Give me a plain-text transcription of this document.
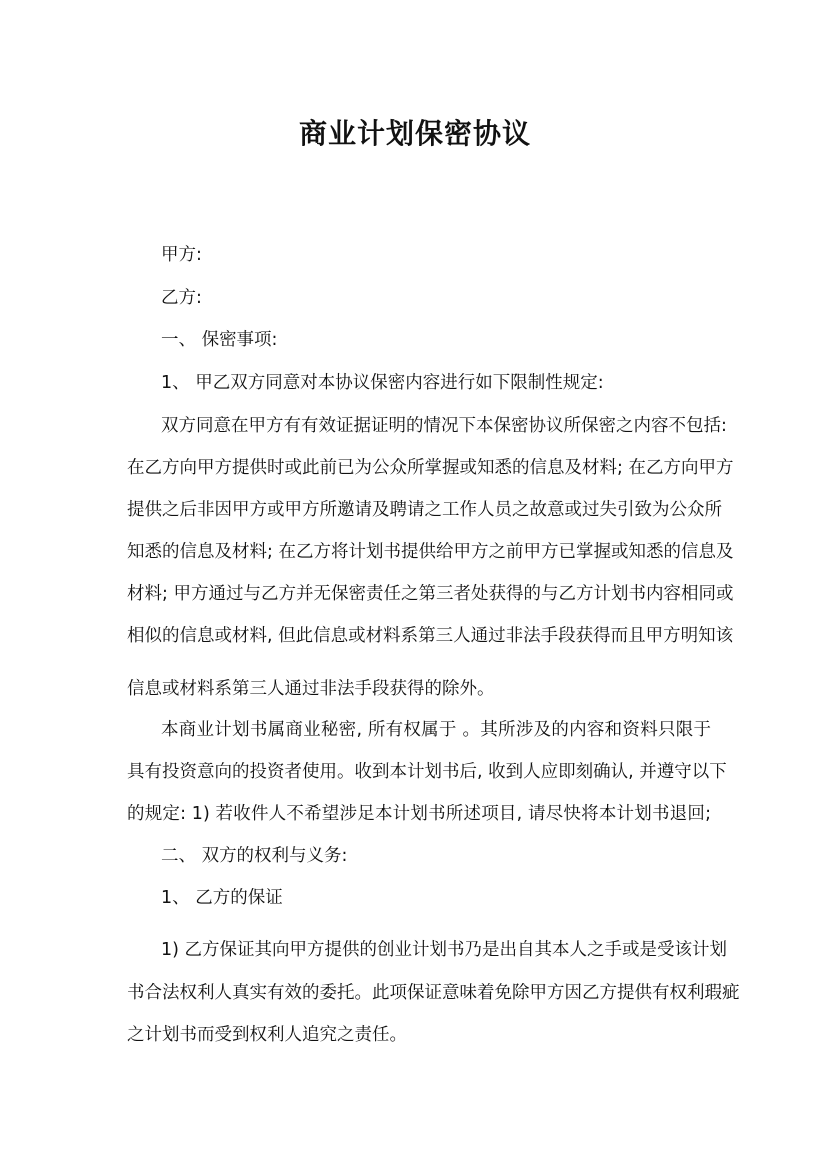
商业计划保密协议
甲方:
乙方:
一、 保密事项:
1、 甲乙双方同意对本协议保密内容进行如下限制性规定:
双方同意在甲方有有效证据证明的情况下本保密协议所保密之内容不包括:
在乙方向甲方提供时或此前已为公众所掌握或知悉的信息及材料; 在乙方向甲方
提供之后非因甲方或甲方所邀请及聘请之工作人员之故意或过失引致为公众所
知悉的信息及材料; 在乙方将计划书提供给甲方之前甲方已掌握或知悉的信息及
材料; 甲方通过与乙方并无保密责任之第三者处获得的与乙方计划书内容相同或
相似的信息或材料, 但此信息或材料系第三人通过非法手段获得而且甲方明知该
信息或材料系第三人通过非法手段获得的除外。
本商业计划书属商业秘密, 所有权属于 。其所涉及的内容和资料只限于
具有投资意向的投资者使用。收到本计划书后, 收到人应即刻确认, 并遵守以下
的规定: 1) 若收件人不希望涉足本计划书所述项目, 请尽快将本计划书退回;
二、 双方的权利与义务:
1、 乙方的保证
1) 乙方保证其向甲方提供的创业计划书乃是出自其本人之手或是受该计划
书合法权利人真实有效的委托。此项保证意味着免除甲方因乙方提供有权利瑕疵
之计划书而受到权利人追究之责任。
